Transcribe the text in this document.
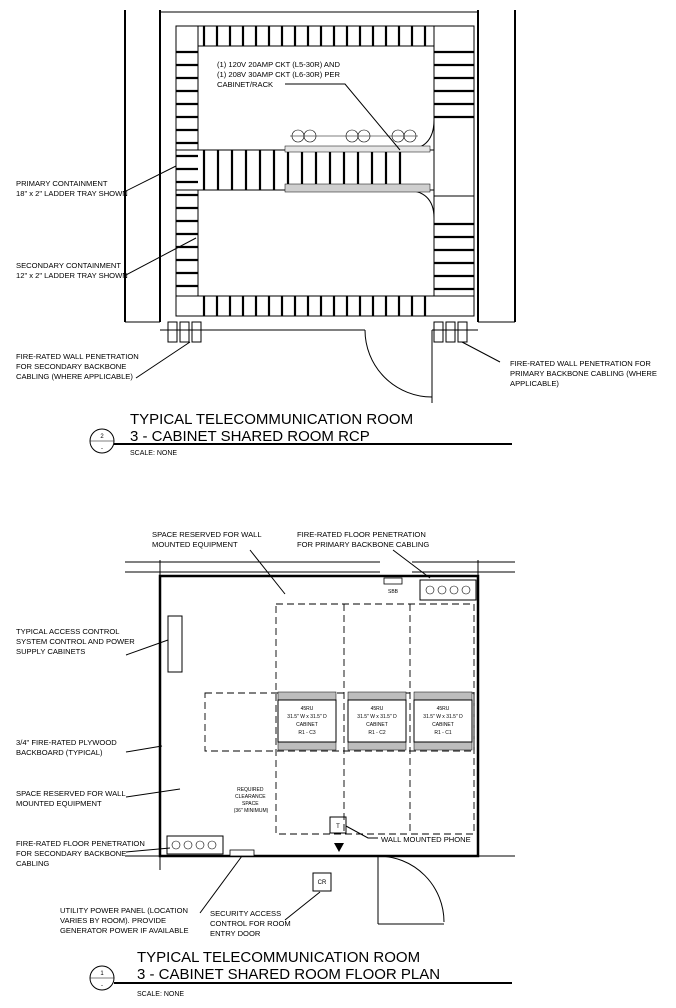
(1) 120V 20AMP CKT (L5-30R) AND (1) 208V 30AMP CKT (L6-30R) PER CABINET/RACK
PRIMARY CONTAINMENT 18" x 2" LADDER TRAY SHOWN
SECONDARY CONTAINMENT 12" x 2" LADDER TRAY SHOWN
FIRE-RATED WALL PENETRATION FOR SECONDARY BACKBONE CABLING (WHERE APPLICABLE)
FIRE-RATED WALL PENETRATION FOR PRIMARY BACKBONE CABLING (WHERE APPLICABLE)
2
-
TYPICAL TELECOMMUNICATION ROOM
3 - CABINET SHARED ROOM RCP
SCALE: NONE
45RU
31.5" W x 31.5" D
CABINET
R1 - C3
45RU
31.5" W x 31.5" D
CABINET
R1 - C2
45RU
31.5" W x 31.5" D
CABINET
R1 - C1
SBB
T
CR
REQUIRED CLEARANCE SPACE (36" MINIMUM)
SPACE RESERVED FOR WALL MOUNTED EQUIPMENT
FIRE-RATED FLOOR PENETRATION FOR PRIMARY BACKBONE CABLING
TYPICAL ACCESS CONTROL SYSTEM CONTROL AND POWER SUPPLY CABINETS
3/4" FIRE-RATED PLYWOOD BACKBOARD (TYPICAL)
SPACE RESERVED FOR WALL MOUNTED EQUIPMENT
FIRE-RATED FLOOR PENETRATION FOR SECONDARY BACKBONE CABLING
WALL MOUNTED PHONE
UTILITY POWER PANEL (LOCATION VARIES BY ROOM). PROVIDE GENERATOR POWER IF AVAILABLE
SECURITY ACCESS CONTROL FOR ROOM ENTRY DOOR
1
-
TYPICAL TELECOMMUNICATION ROOM
3 - CABINET SHARED ROOM FLOOR PLAN
SCALE: NONE
